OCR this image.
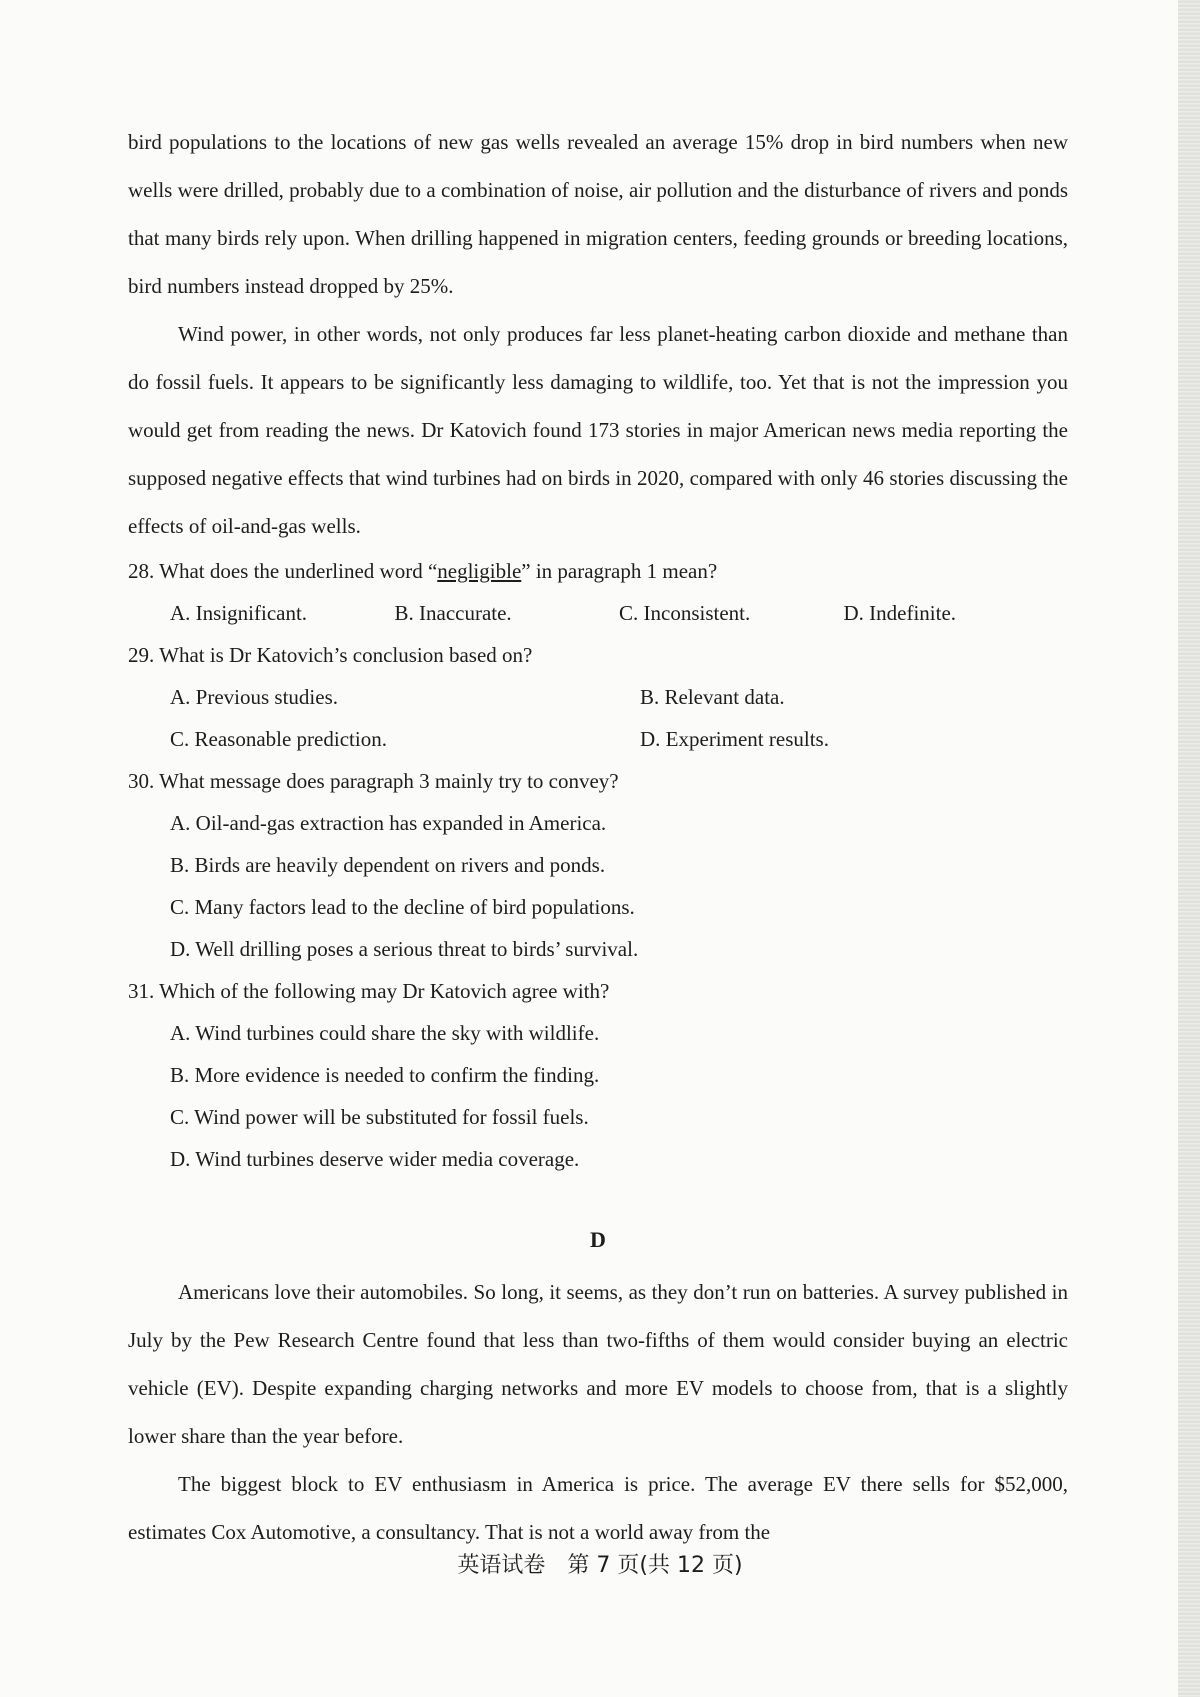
bird populations to the locations of new gas wells revealed an average 15% drop in bird numbers when new wells were drilled, probably due to a combination of noise, air pollution and the disturbance of rivers and ponds that many birds rely upon. When drilling happened in migration centers, feeding grounds or breeding locations, bird numbers instead dropped by 25%.

Wind power, in other words, not only produces far less planet-heating carbon dioxide and methane than do fossil fuels. It appears to be significantly less damaging to wildlife, too. Yet that is not the impression you would get from reading the news. Dr Katovich found 173 stories in major American news media reporting the supposed negative effects that wind turbines had on birds in 2020, compared with only 46 stories discussing the effects of oil-and-gas wells.

28. What does the underlined word “negligible” in paragraph 1 mean?

A. Insignificant.	B. Inaccurate.	C. Inconsistent.	D. Indefinite.

29. What is Dr Katovich’s conclusion based on?

A. Previous studies.	B. Relevant data.
C. Reasonable prediction.	D. Experiment results.

30. What message does paragraph 3 mainly try to convey?

A. Oil-and-gas extraction has expanded in America.
B. Birds are heavily dependent on rivers and ponds.
C. Many factors lead to the decline of bird populations.
D. Well drilling poses a serious threat to birds’ survival.

31. Which of the following may Dr Katovich agree with?

A. Wind turbines could share the sky with wildlife.
B. More evidence is needed to confirm the finding.
C. Wind power will be substituted for fossil fuels.
D. Wind turbines deserve wider media coverage.
D

Americans love their automobiles. So long, it seems, as they don’t run on batteries. A survey published in July by the Pew Research Centre found that less than two-fifths of them would consider buying an electric vehicle (EV). Despite expanding charging networks and more EV models to choose from, that is a slightly lower share than the year before.

The biggest block to EV enthusiasm in America is price. The average EV there sells for $52,000, estimates Cox Automotive, a consultancy. That is not a world away from the

英语试卷　第 7 页(共 12 页)
